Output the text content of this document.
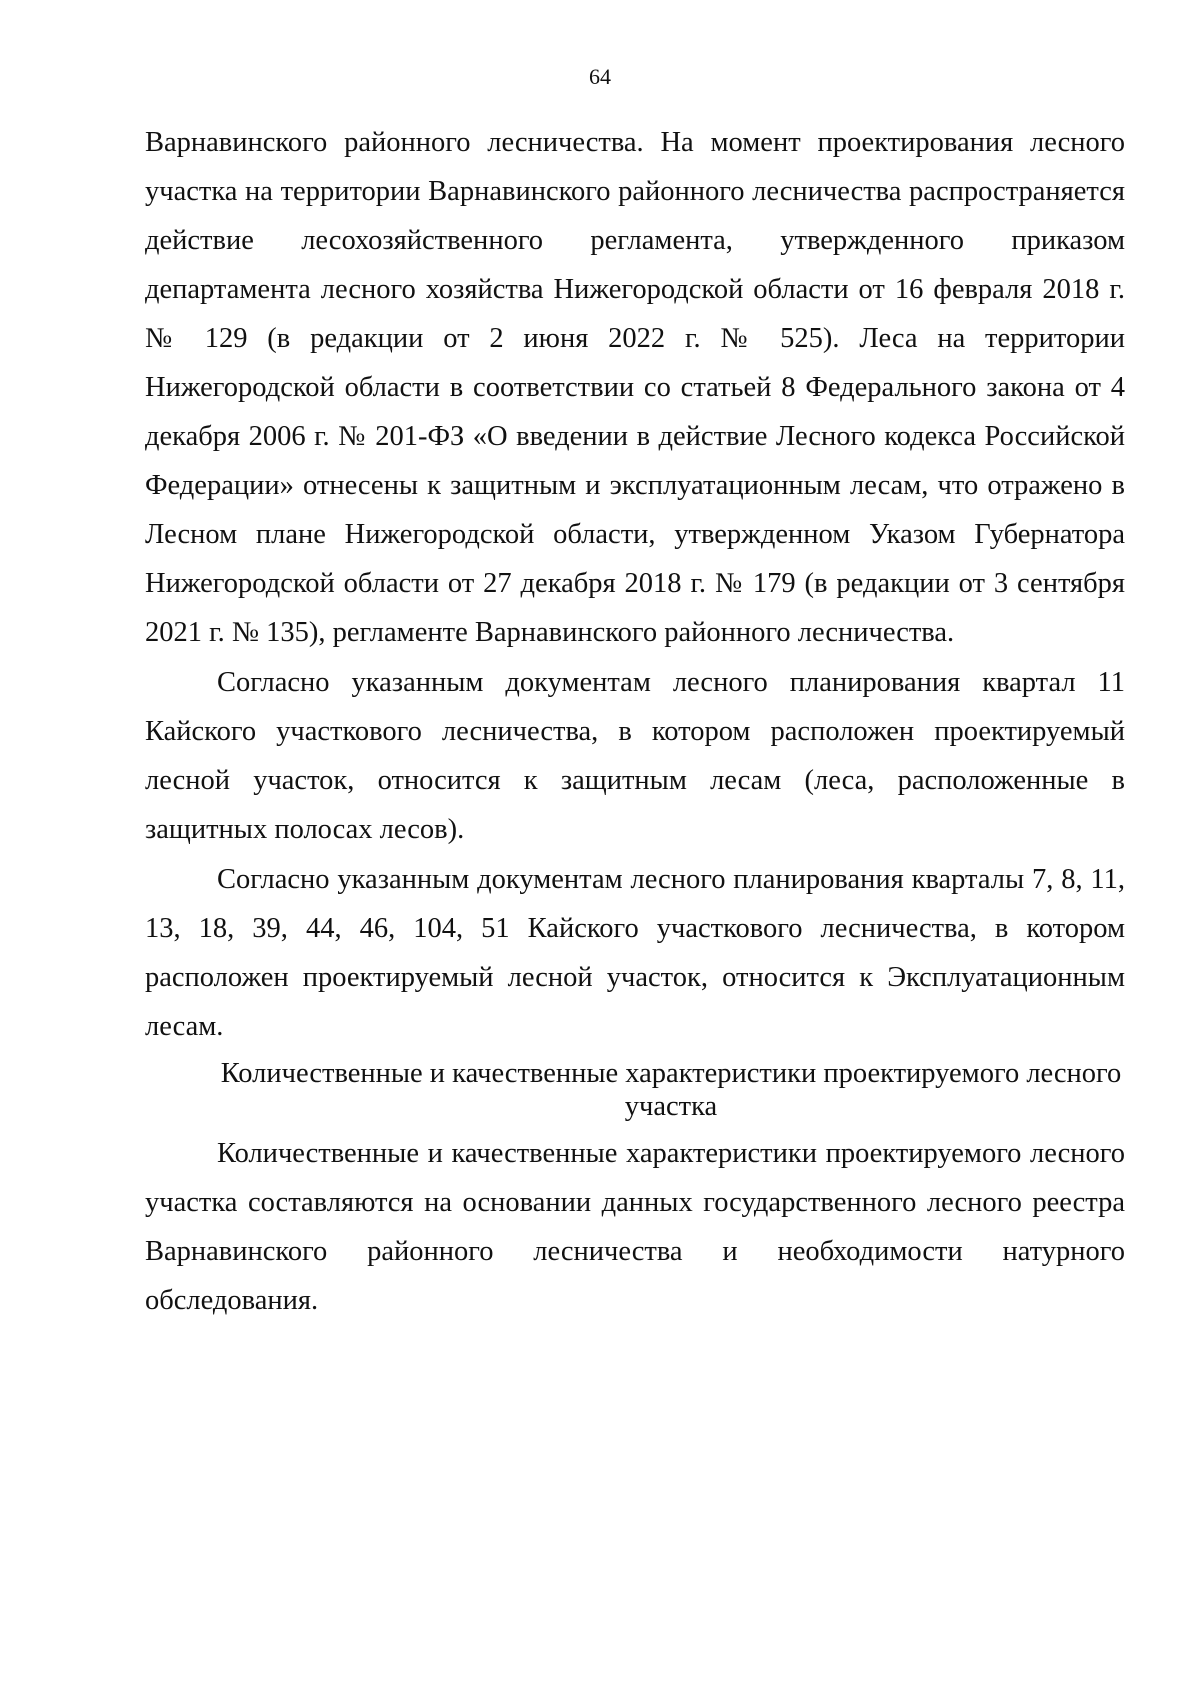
64

Варнавинского районного лесничества. На момент проектирования лесного участка на территории Варнавинского районного лесничества распространяется действие лесохозяйственного регламента, утвержденного приказом департамента лесного хозяйства Нижегородской области от 16 февраля 2018 г. № 129 (в редакции от 2 июня 2022 г. № 525). Леса на территории Нижегородской области в соответствии со статьей 8 Федерального закона от 4 декабря 2006 г. № 201-ФЗ «О введении в действие Лесного кодекса Российской Федерации» отнесены к защитным и эксплуатационным лесам, что отражено в Лесном плане Нижегородской области, утвержденном Указом Губернатора Нижегородской области от 27 декабря 2018 г. № 179 (в редакции от 3 сентября 2021 г. № 135), регламенте Варнавинского районного лесничества.

Согласно указанным документам лесного планирования квартал 11 Кайского участкового лесничества, в котором расположен проектируемый лесной участок, относится к защитным лесам (леса, расположенные в защитных полосах лесов).

Согласно указанным документам лесного планирования кварталы 7, 8, 11, 13, 18, 39, 44, 46, 104, 51 Кайского участкового лесничества, в котором расположен проектируемый лесной участок, относится к Эксплуатационным лесам.

Количественные и качественные характеристики проектируемого лесного участка

Количественные и качественные характеристики проектируемого лесного участка составляются на основании данных государственного лесного реестра Варнавинского районного лесничества и необходимости натурного обследования.
